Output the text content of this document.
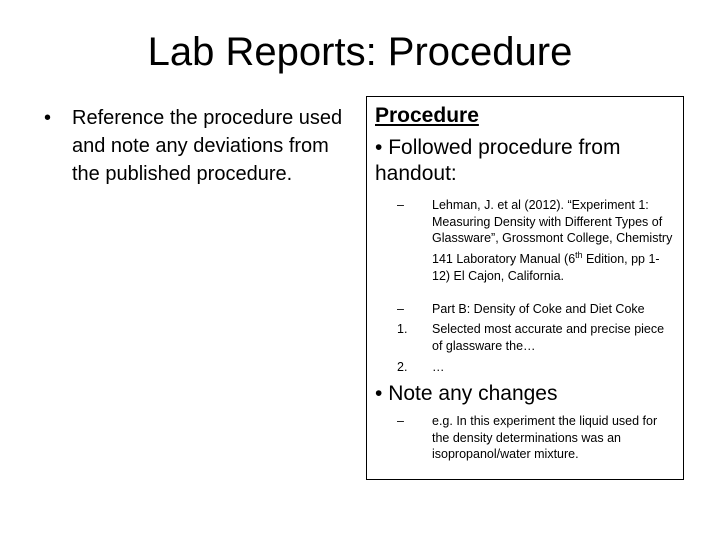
Lab Reports: Procedure
•	Reference the procedure used and note any deviations from the published procedure.
Procedure
• Followed procedure from handout:
–	Lehman, J. et al (2012). “Experiment 1: Measuring Density with Different Types of Glassware”, Grossmont College, Chemistry 141 Laboratory Manual (6th Edition, pp 1-12) El Cajon, California.
–	Part B: Density of Coke and Diet Coke
1.	Selected most accurate and precise piece of glassware the…
2.	…
• Note any changes
–	e.g. In this experiment the liquid used for the density determinations was an isopropanol/water mixture.
